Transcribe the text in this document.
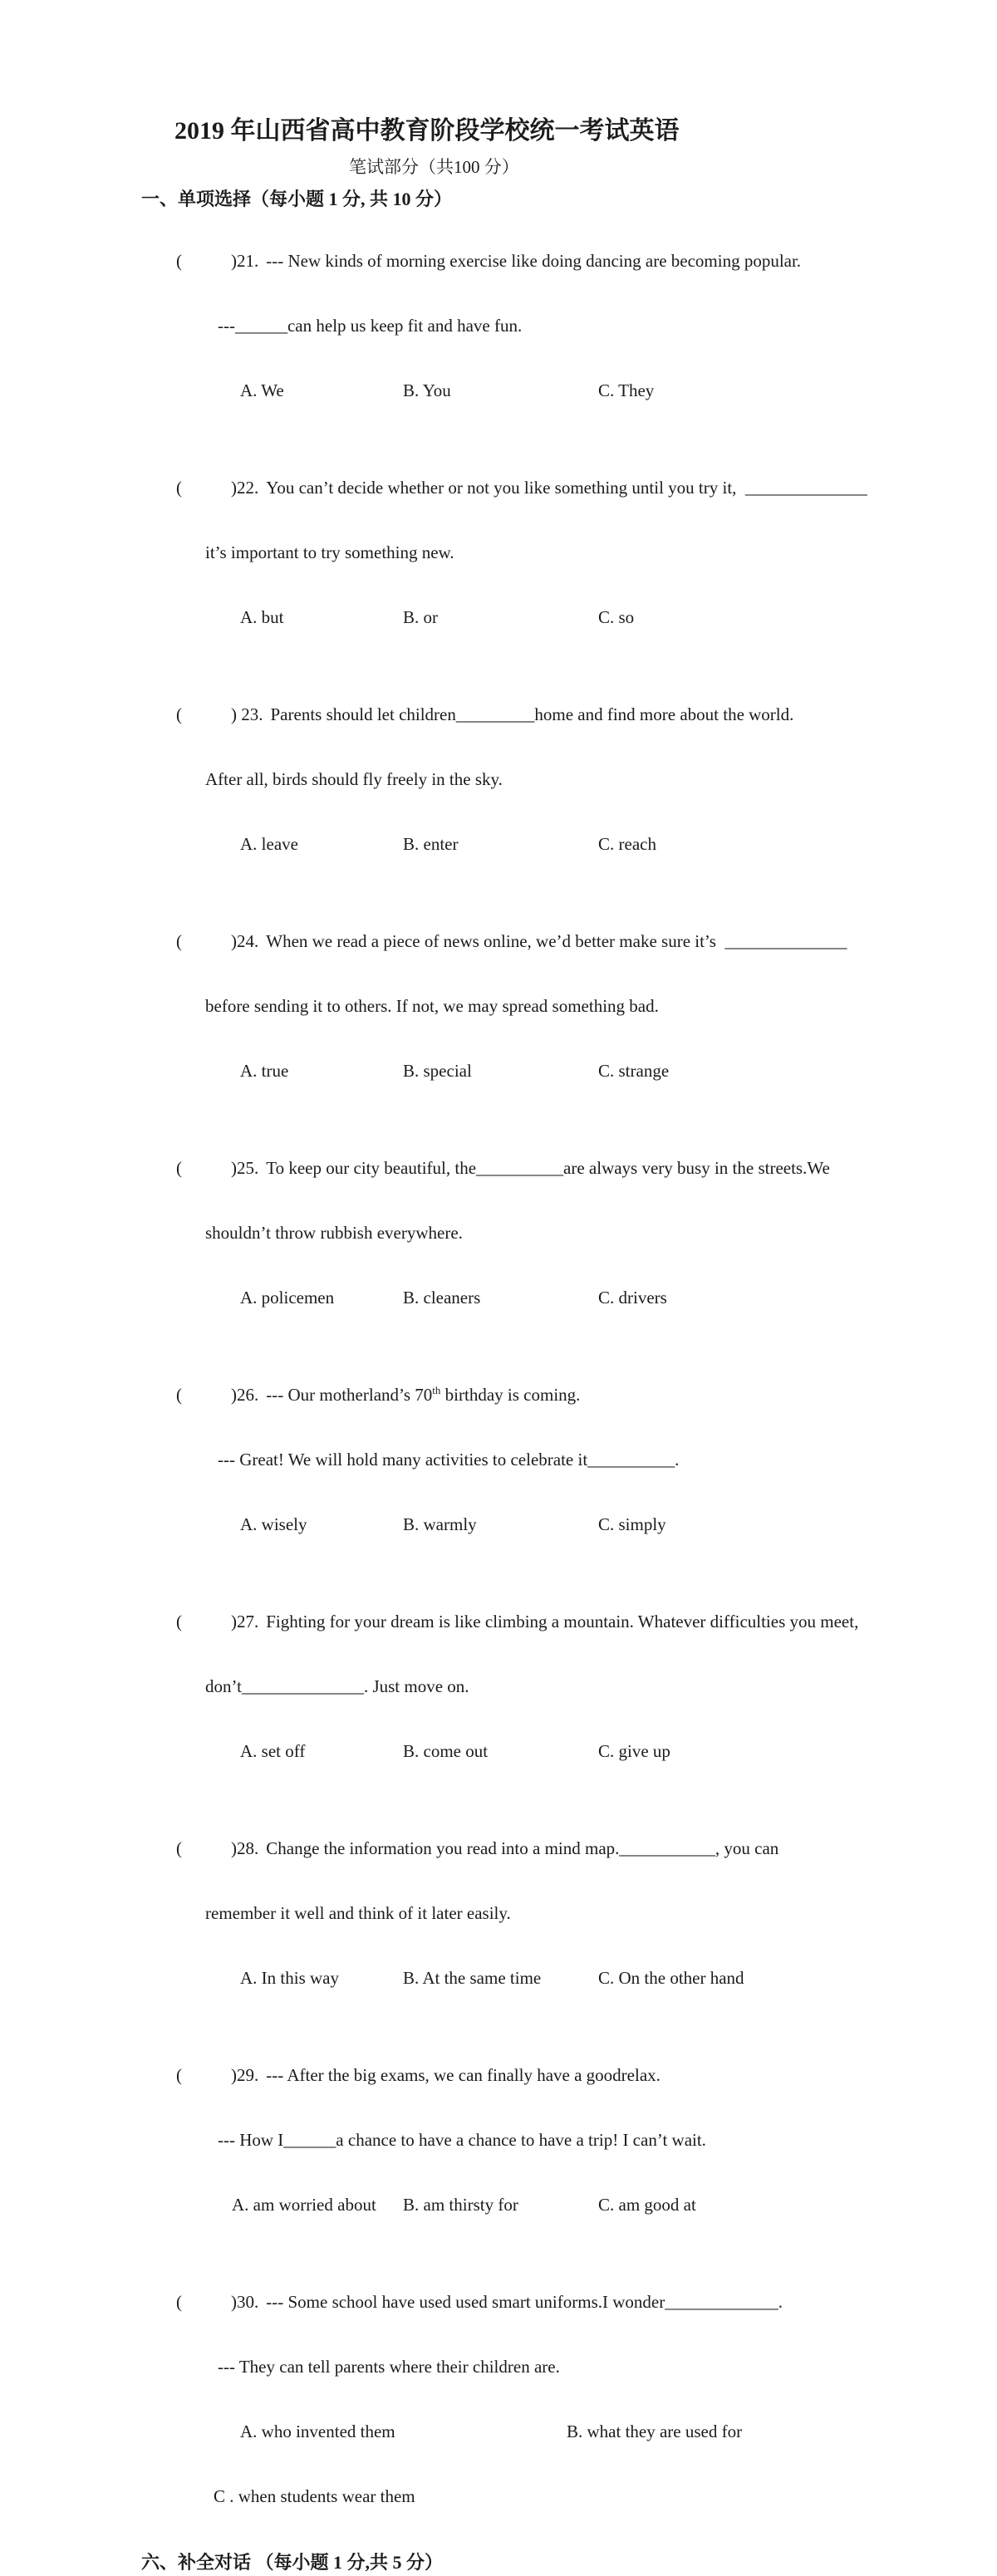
2019 年山西省高中教育阶段学校统一考试英语
笔试部分（共100 分）
一、单项选择（每小题 1 分, 共 10 分）

(	) 21. --- New kinds of morning exercise like doing dancing are becoming popular.

---______can help us keep fit and have fun.

A. We	B. You	C. They

(	) 22. You can’t decide whether or not you like something until you try it,  ______________

it’s important to try something new.

A. but	B. or	C. so

(	) 23. Parents should let children_________home and find more about the world.

After all, birds should fly freely in the sky.

A. leave	B. enter	C. reach

(	) 24. When we read a piece of news online, we’d better make sure it’s  ______________

before sending it to others. If not, we may spread something bad.

A. true	B. special	C. strange

(	) 25. To keep our city beautiful, the__________are always very busy in the streets.We

shouldn’t throw rubbish everywhere.

A. policemen	B. cleaners	C. drivers

(	) 26. --- Our motherland’s 70th birthday is coming.

--- Great! We will hold many activities to celebrate it__________.

A. wisely	B. warmly	C. simply

(	) 27. Fighting for your dream is like climbing a mountain. Whatever difficulties you meet,

don’t______________. Just move on.

A. set off	B. come out	C. give up

(	) 28. Change the information you read into a mind map.___________, you can

remember it well and think of it later easily.

A. In this way	B. At the same time	C. On the other hand

(	) 29. --- After the big exams, we can finally have a goodrelax.

--- How I______a chance to have a chance to have a trip! I can’t wait.

A. am worried about B. am thirsty for	C. am good at

(	) 30. --- Some school have used used smart uniforms.I wonder_____________.

--- They can tell parents where their children are.

A. who invented them	B. what they are used for

C . when students wear them
六、补全对话 （每小题 1 分,共 5 分）
